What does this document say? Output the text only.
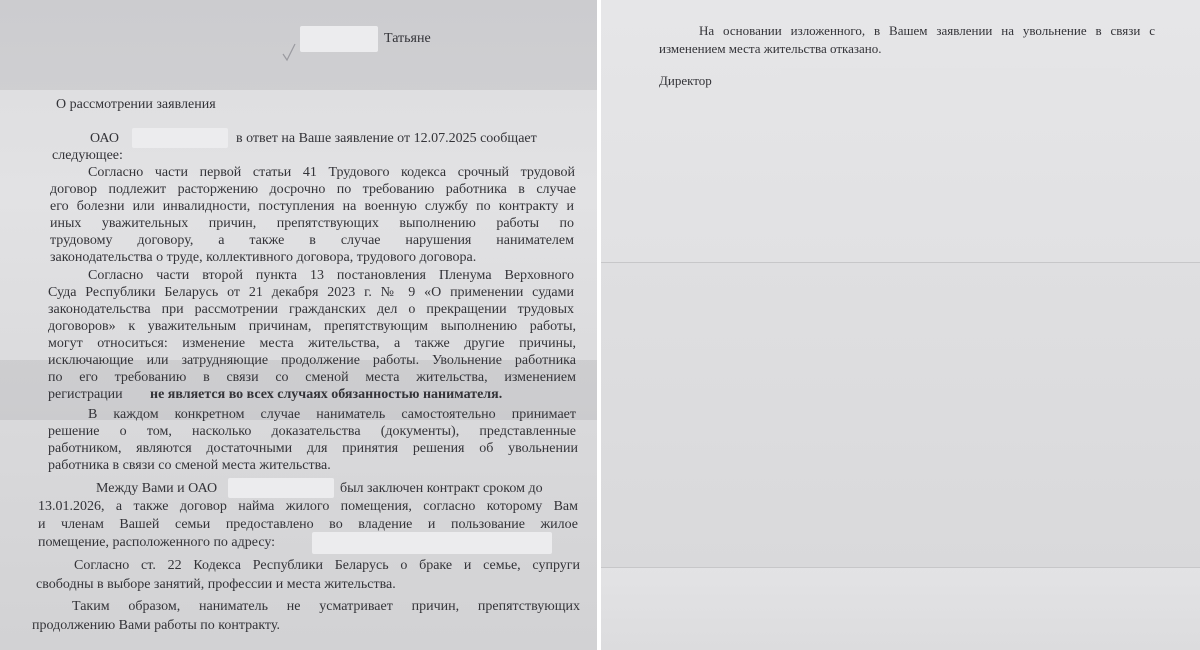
Татьяне
О рассмотрении заявления
ОАО	в ответ на Ваше заявление от 12.07.2025 сообщает
следующее:
Согласно части первой статьи 41 Трудового кодекса срочный трудовой
договор подлежит расторжению досрочно по требованию работника в случае
его болезни или инвалидности, поступления на военную службу по контракту и
иных уважительных причин, препятствующих выполнению работы по
трудовому договору, а также в случае нарушения нанимателем
законодательства о труде, коллективного договора, трудового договора.
Согласно части второй пункта 13 постановления Пленума Верховного
Суда Республики Беларусь от 21 декабря 2023 г. № 9 «О применении судами
законодательства при рассмотрении гражданских дел о прекращении трудовых
договоров» к уважительным причинам, препятствующим выполнению работы,
могут относиться: изменение места жительства, а также другие причины,
исключающие или затрудняющие продолжение работы. Увольнение работника
по его требованию в связи со сменой места жительства, изменением
регистрации не является во всех случаях обязанностью нанимателя.
В каждом конкретном случае наниматель самостоятельно принимает
решение о том, насколько доказательства (документы), представленные
работником, являются достаточными для принятия решения об увольнении
работника в связи со сменой места жительства.
Между Вами и ОАО	был заключен контракт сроком до
13.01.2026, а также договор найма жилого помещения, согласно которому Вам
и членам Вашей семьи предоставлено во владение и пользование жилое
помещение, расположенного по адресу:
Согласно ст. 22 Кодекса Республики Беларусь о браке и семье, супруги
свободны в выборе занятий, профессии и места жительства.
Таким образом, наниматель не усматривает причин, препятствующих
продолжению Вами работы по контракту.
На основании изложенного, в Вашем заявлении на увольнение в связи с
изменением места жительства отказано.
Директор
